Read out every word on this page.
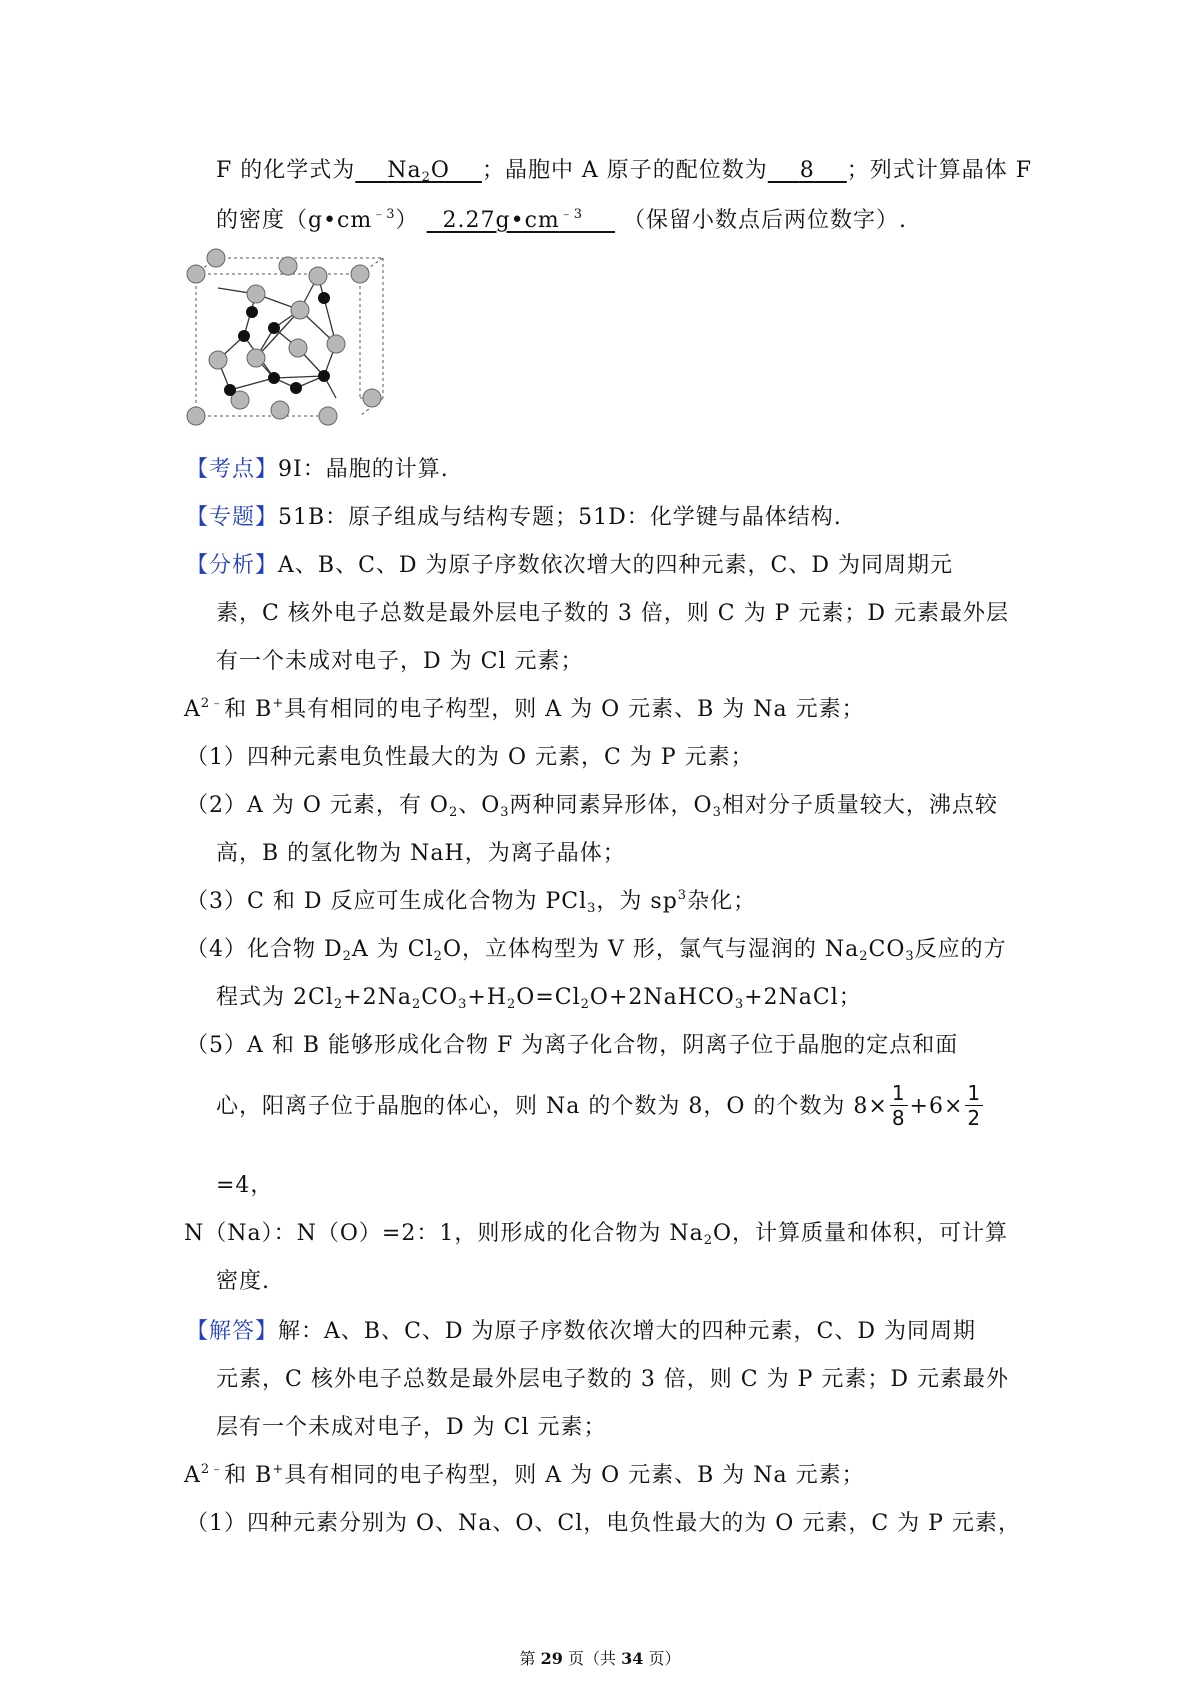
F 的化学式为 $Na_2O$ ；晶胞中 A 原子的配位数为 8 ；列式计算晶体 F
的密度$(g•cm^{﹣3})$ $2.27g•cm^{﹣3}$ （保留小数点后两位数字）.
【考点】9I：晶胞的计算.
【专题】51B：原子组成与结构专题；51D：化学键与晶体结构.
【分析】A、B、C、D 为原子序数依次增大的四种元素，C、D 为同周期元
素，C 核外电子总数是最外层电子数的 3 倍，则 C 为 P 元素；D 元素最外层
有一个未成对电子，D 为 Cl 元素；
$A^{2﹣}$和 B+具有相同的电子构型，则 A 为 O 元素、B 为 Na 元素；
（1）四种元素电负性最大的为 O 元素，C 为 P 元素；
（2）A 为 O 元素，有 $O_2$、$O_3$两种同素异形体，$O_3$相对分子质量较大，沸点较
高，B 的氢化物为 NaH，为离子晶体；
（3）C 和 D 反应可生成化合物为 PCl$_3$，为 $sp^3$杂化；
（4）化合物 $D_2A$ 为 $Cl_2O$，立体构型为 V 形，氯气与湿润的 $Na_2CO_3$反应的方
程式为 $2Cl_2+2Na_2CO_3+H_2O=Cl_2O+2NaHCO_3+2NaCl$；
（5）A 和 B 能够形成化合物 F 为离子化合物，阴离子位于晶胞的定点和面
心，阳离子位于晶胞的体心，则 Na 的个数为 8，O 的个数为 $8\times \frac{1}{8} +6\times \frac{1}{2}$
=4，
N（Na）：N（O）=2：1，则形成的化合物为 $Na_2O$，计算质量和体积，可计算
密度.
【解答】解：A、B、C、D 为原子序数依次增大的四种元素，C、D 为同周期
元素，C 核外电子总数是最外层电子数的 3 倍，则 C 为 P 元素；D 元素最外
层有一个未成对电子，D 为 Cl 元素；
$A^{2﹣}$和 B+具有相同的电子构型，则 A 为 O 元素、B 为 Na 元素；
（1）四种元素分别为 O、Na、O、Cl，电负性最大的为 O 元素，C 为 P 元素，
第 29 页（共 34 页）
